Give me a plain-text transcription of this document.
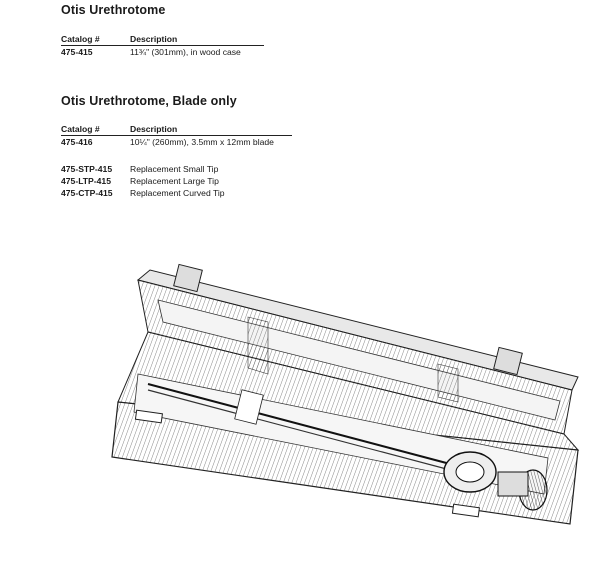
Otis Urethrotome
Catalog #	Description
475-415	11¾" (301mm), in wood case
Otis Urethrotome, Blade only
Catalog #	Description
475-416	10¼" (260mm), 3.5mm x 12mm blade
475-STP-415	Replacement Small Tip
475-LTP-415	Replacement Large Tip
475-CTP-415	Replacement Curved Tip
